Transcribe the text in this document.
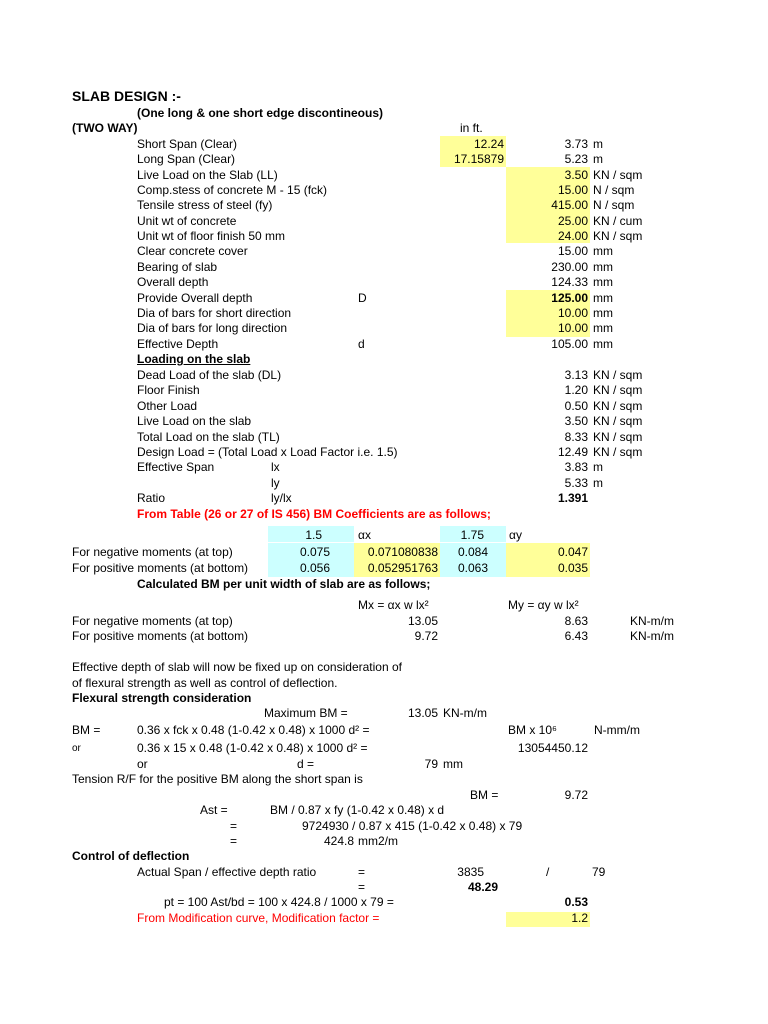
SLAB DESIGN :-
(One long & one short edge discontineous)
(TWO WAY)	in ft.
Short Span (Clear)	12.24	3.73 m
Long Span (Clear)	17.15879	5.23 m
Live Load on the Slab (LL)	3.50 KN / sqm
Comp.stess of concrete M - 15 (fck)	15.00 N / sqm
Tensile stress of steel (fy)	415.00 N / sqm
Unit wt of concrete	25.00 KN / cum
Unit wt of floor finish 50 mm	24.00 KN / sqm
Clear concrete cover	15.00 mm
Bearing of slab	230.00 mm
Overall depth	124.33 mm
Provide Overall depth	D	125.00 mm
Dia of bars for short direction	10.00 mm
Dia of bars for long direction	10.00 mm
Effective Depth	d	105.00 mm
Loading on the slab
Dead Load of the slab (DL)	3.13 KN / sqm
Floor Finish	1.20 KN / sqm
Other Load	0.50 KN / sqm
Live Load on the slab	3.50 KN / sqm
Total Load on the slab (TL)	8.33 KN / sqm
Design Load = (Total Load x Load Factor i.e. 1.5)	12.49 KN / sqm
Effective Span	lx	3.83 m
ly	5.33 m
Ratio	ly/lx	1.391
From Table (26 or 27 of IS 456) BM Coefficients are as follows;
1.5	αx	1.75 αy
For negative moments (at top)	0.075	0.071080838	0.084	0.047
For positive moments (at bottom)	0.056	0.052951763	0.063	0.035
Calculated BM per unit width of slab are as follows;
Mx = αx w lx²	My = αy w lx²
For negative moments (at top)	13.05	8.63	KN-m/m
For positive moments (at bottom)	9.72	6.43	KN-m/m
Effective depth of slab will now be fixed up on consideration of
of flexural strength as well as control of deflection.
Flexural strength consideration
Maximum BM =	13.05 KN-m/m
BM =	0.36 x fck x 0.48 (1-0.42 x 0.48) x 1000 d² =	BM x 10⁶	N-mm/m
or	0.36 x 15 x 0.48 (1-0.42 x 0.48) x 1000 d² =	13054450.12
or	d =	79 mm
Tension R/F for the positive BM along the short span is
BM =	9.72
Ast =	BM / 0.87 x fy (1-0.42 x 0.48) x d
=	9724930 / 0.87 x 415 (1-0.42 x 0.48) x 79
=	424.8 mm2/m
Control of deflection
Actual Span / effective depth ratio	=	3835	/	79
=	48.29
pt = 100 Ast/bd = 100 x 424.8 / 1000 x 79 =	0.53
From Modification curve, Modification factor =	1.2
